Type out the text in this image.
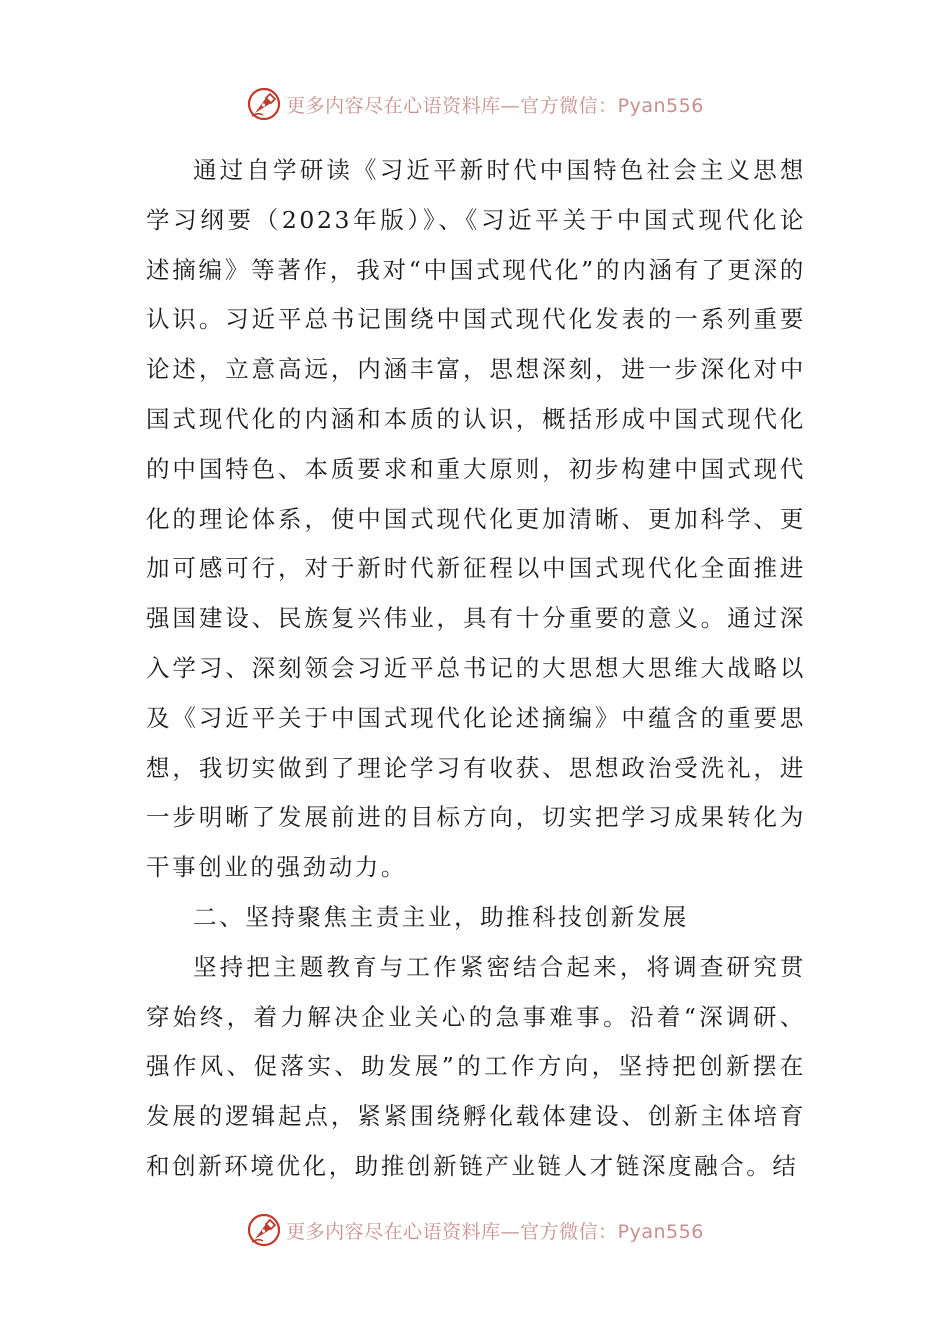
更多内容尽在心语资料库—官方微信：Pyan556

通过自学研读《习近平新时代中国特色社会主义思想学习纲要（2023年版）》、《习近平关于中国式现代化论述摘编》等著作，我对“中国式现代化”的内涵有了更深的认识。习近平总书记围绕中国式现代化发表的一系列重要论述，立意高远，内涵丰富，思想深刻，进一步深化对中国式现代化的内涵和本质的认识，概括形成中国式现代化的中国特色、本质要求和重大原则，初步构建中国式现代化的理论体系，使中国式现代化更加清晰、更加科学、更加可感可行，对于新时代新征程以中国式现代化全面推进强国建设、民族复兴伟业，具有十分重要的意义。通过深入学习、深刻领会习近平总书记的大思想大思维大战略以及《习近平关于中国式现代化论述摘编》中蕴含的重要思想，我切实做到了理论学习有收获、思想政治受洗礼，进一步明晰了发展前进的目标方向，切实把学习成果转化为干事创业的强劲动力。

二、坚持聚焦主责主业，助推科技创新发展

坚持把主题教育与工作紧密结合起来，将调查研究贯穿始终，着力解决企业关心的急事难事。沿着“深调研、强作风、促落实、助发展”的工作方向，坚持把创新摆在发展的逻辑起点，紧紧围绕孵化载体建设、创新主体培育和创新环境优化，助推创新链产业链人才链深度融合。结

更多内容尽在心语资料库—官方微信：Pyan556
